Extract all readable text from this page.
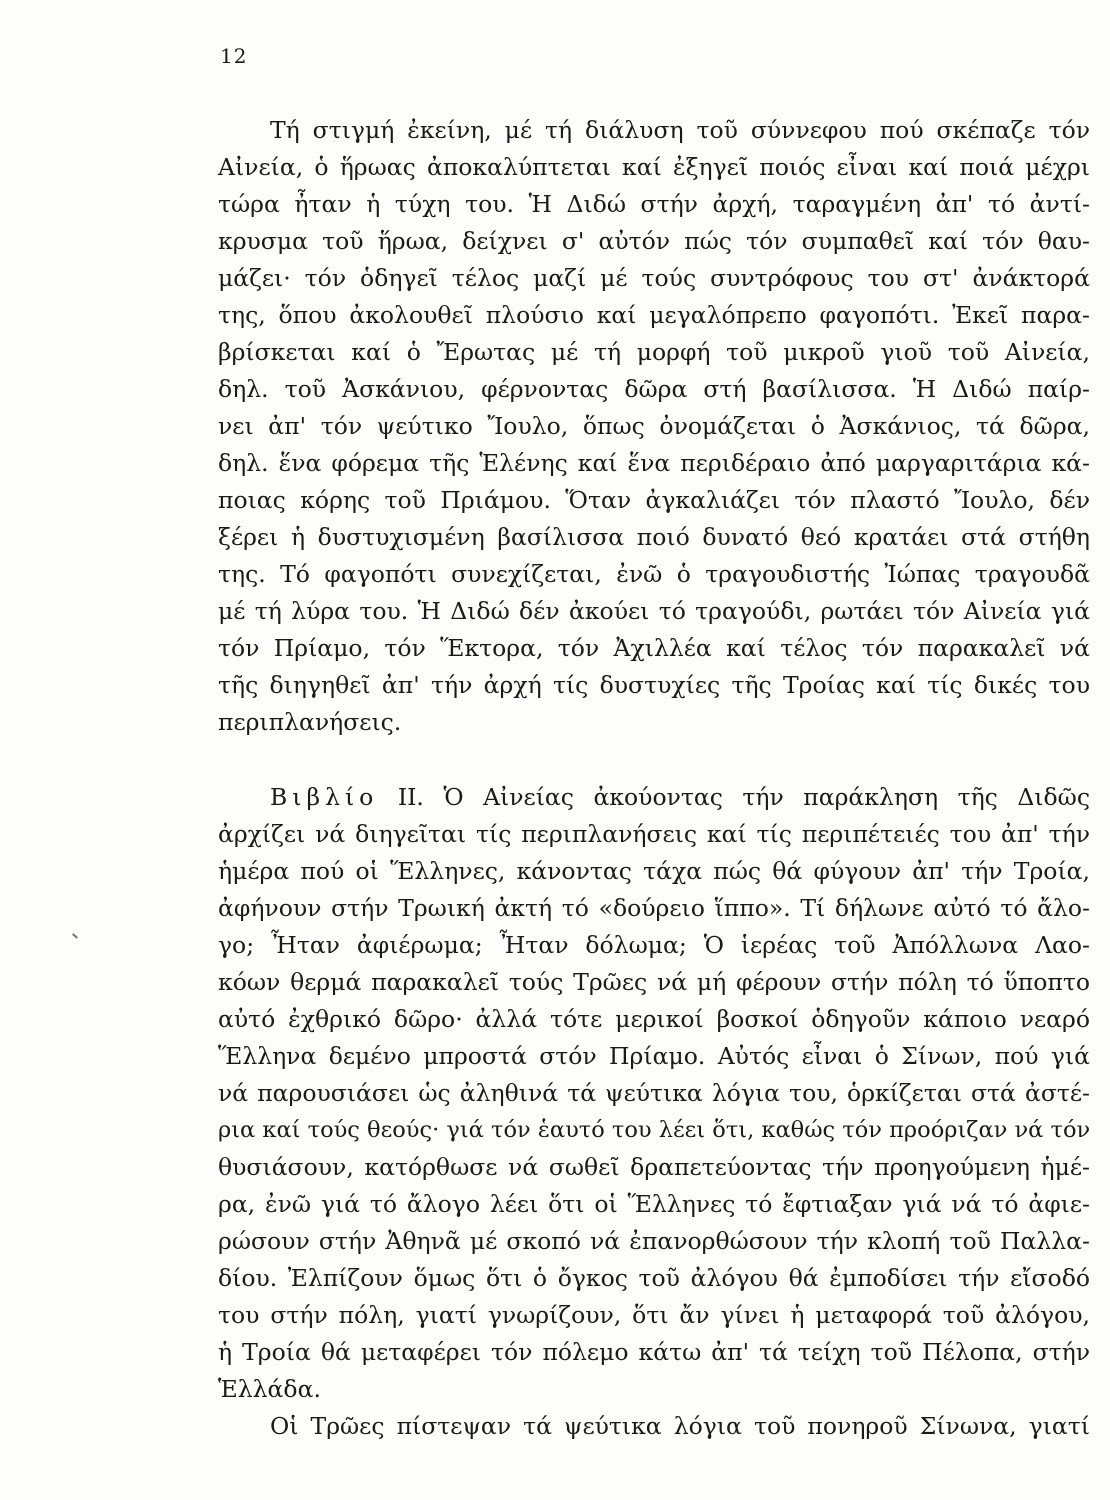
12
Τή στιγμή ἐκείνη, μέ τή διάλυση τοῦ σύννεφου πού σκέπαζε τόν
Αἰνεία, ὁ ἥρωας ἀποκαλύπτεται καί ἐξηγεῖ ποιός εἶναι καί ποιά μέχρι
τώρα ἦταν ἡ τύχη του. Ἡ Διδώ στήν ἀρχή, ταραγμένη ἀπ' τό ἀντί-
κρυσμα τοῦ ἥρωα, δείχνει σ' αὐτόν πώς τόν συμπαθεῖ καί τόν θαυ-
μάζει· τόν ὁδηγεῖ τέλος μαζί μέ τούς συντρόφους του στ' ἀνάκτορά
της, ὅπου ἀκολουθεῖ πλούσιο καί μεγαλόπρεπο φαγοπότι. Ἐκεῖ παρα-
βρίσκεται καί ὁ Ἔρωτας μέ τή μορφή τοῦ μικροῦ γιοῦ τοῦ Αἰνεία,
δηλ. τοῦ Ἀσκάνιου, φέρνοντας δῶρα στή βασίλισσα. Ἡ Διδώ παίρ-
νει ἀπ' τόν ψεύτικο Ἴουλο, ὅπως ὀνομάζεται ὁ Ἀσκάνιος, τά δῶρα,
δηλ. ἕνα φόρεμα τῆς Ἑλένης καί ἕνα περιδέραιο ἀπό μαργαριτάρια κά-
ποιας κόρης τοῦ Πριάμου. Ὅταν ἀγκαλιάζει τόν πλαστό Ἴουλο, δέν
ξέρει ἡ δυστυχισμένη βασίλισσα ποιό δυνατό θεό κρατάει στά στήθη
της. Τό φαγοπότι συνεχίζεται, ἐνῶ ὁ τραγουδιστής Ἰώπας τραγουδᾶ
μέ τή λύρα του. Ἡ Διδώ δέν ἀκούει τό τραγούδι, ρωτάει τόν Αἰνεία γιά
τόν Πρίαμο, τόν Ἕκτορα, τόν Ἀχιλλέα καί τέλος τόν παρακαλεῖ νά
τῆς διηγηθεῖ ἀπ' τήν ἀρχή τίς δυστυχίες τῆς Τροίας καί τίς δικές του
περιπλανήσεις.
Βιβλίο ΙΙ. Ὁ Αἰνείας ἀκούοντας τήν παράκληση τῆς Διδῶς
ἀρχίζει νά διηγεῖται τίς περιπλανήσεις καί τίς περιπέτειές του ἀπ' τήν
ἡμέρα πού οἱ Ἕλληνες, κάνοντας τάχα πώς θά φύγουν ἀπ' τήν Τροία,
ἀφήνουν στήν Τρωική ἀκτή τό «δούρειο ἵππο». Τί δήλωνε αὐτό τό ἄλο-
γο; Ἦταν ἀφιέρωμα; Ἦταν δόλωμα; Ὁ ἱερέας τοῦ Ἀπόλλωνα Λαο-
κόων θερμά παρακαλεῖ τούς Τρῶες νά μή φέρουν στήν πόλη τό ὕποπτο
αὐτό ἐχθρικό δῶρο· ἀλλά τότε μερικοί βοσκοί ὁδηγοῦν κάποιο νεαρό
Ἕλληνα δεμένο μπροστά στόν Πρίαμο. Αὐτός εἶναι ὁ Σίνων, πού γιά
νά παρουσιάσει ὡς ἀληθινά τά ψεύτικα λόγια του, ὁρκίζεται στά ἀστέ-
ρια καί τούς θεούς· γιά τόν ἑαυτό του λέει ὅτι, καθώς τόν προόριζαν νά τόν
θυσιάσουν, κατόρθωσε νά σωθεῖ δραπετεύοντας τήν προηγούμενη ἡμέ-
ρα, ἐνῶ γιά τό ἄλογο λέει ὅτι οἱ Ἕλληνες τό ἔφτιαξαν γιά νά τό ἀφιε-
ρώσουν στήν Ἀθηνᾶ μέ σκοπό νά ἐπανορθώσουν τήν κλοπή τοῦ Παλλα-
δίου. Ἐλπίζουν ὅμως ὅτι ὁ ὄγκος τοῦ ἀλόγου θά ἐμποδίσει τήν εἴσοδό
του στήν πόλη, γιατί γνωρίζουν, ὅτι ἄν γίνει ἡ μεταφορά τοῦ ἀλόγου,
ἡ Τροία θά μεταφέρει τόν πόλεμο κάτω ἀπ' τά τείχη τοῦ Πέλοπα, στήν
Ἑλλάδα.
Οἱ Τρῶες πίστεψαν τά ψεύτικα λόγια τοῦ πονηροῦ Σίνωνα, γιατί
